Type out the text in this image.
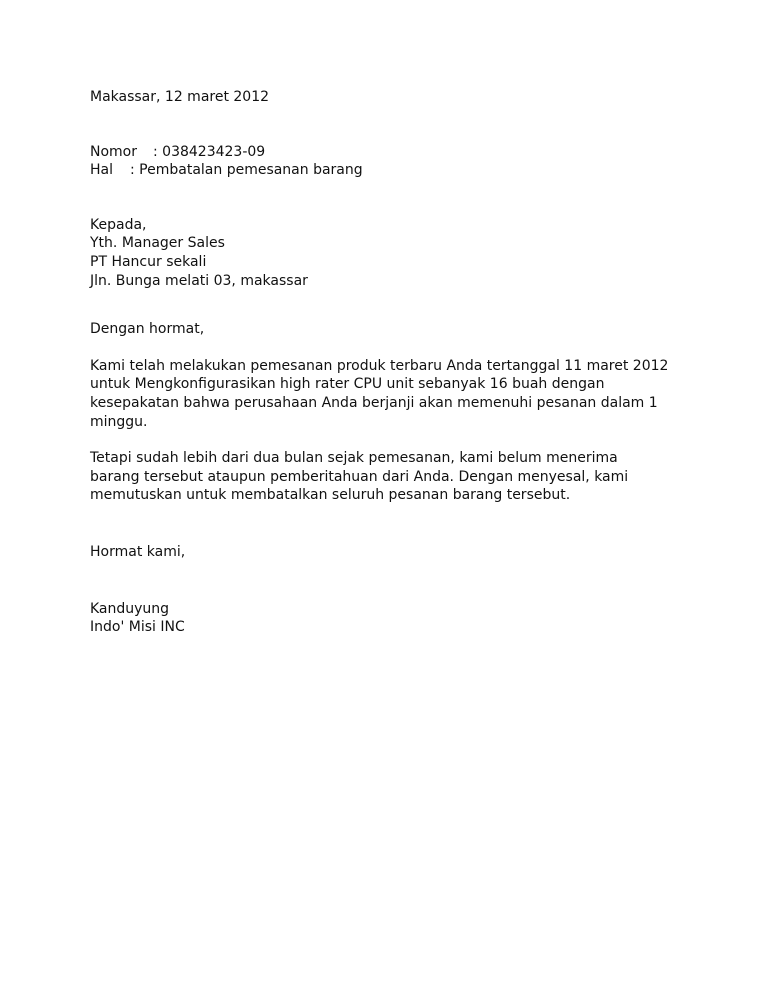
Makassar, 12 maret 2012
Nomor	: 038423423-09
Hal	: Pembatalan pemesanan barang
Kepada,
Yth. Manager Sales
PT Hancur sekali
Jln. Bunga melati 03, makassar
Dengan hormat,
Kami telah melakukan pemesanan produk terbaru Anda tertanggal 11 maret 2012 untuk Mengkonfigurasikan high rater CPU unit sebanyak 16 buah dengan kesepakatan bahwa perusahaan Anda berjanji akan memenuhi pesanan dalam 1 minggu.
Tetapi sudah lebih dari dua bulan sejak pemesanan, kami belum menerima barang tersebut ataupun pemberitahuan dari Anda. Dengan menyesal, kami memutuskan untuk membatalkan seluruh pesanan barang tersebut.
Hormat kami,
Kanduyung
Indo' Misi INC
